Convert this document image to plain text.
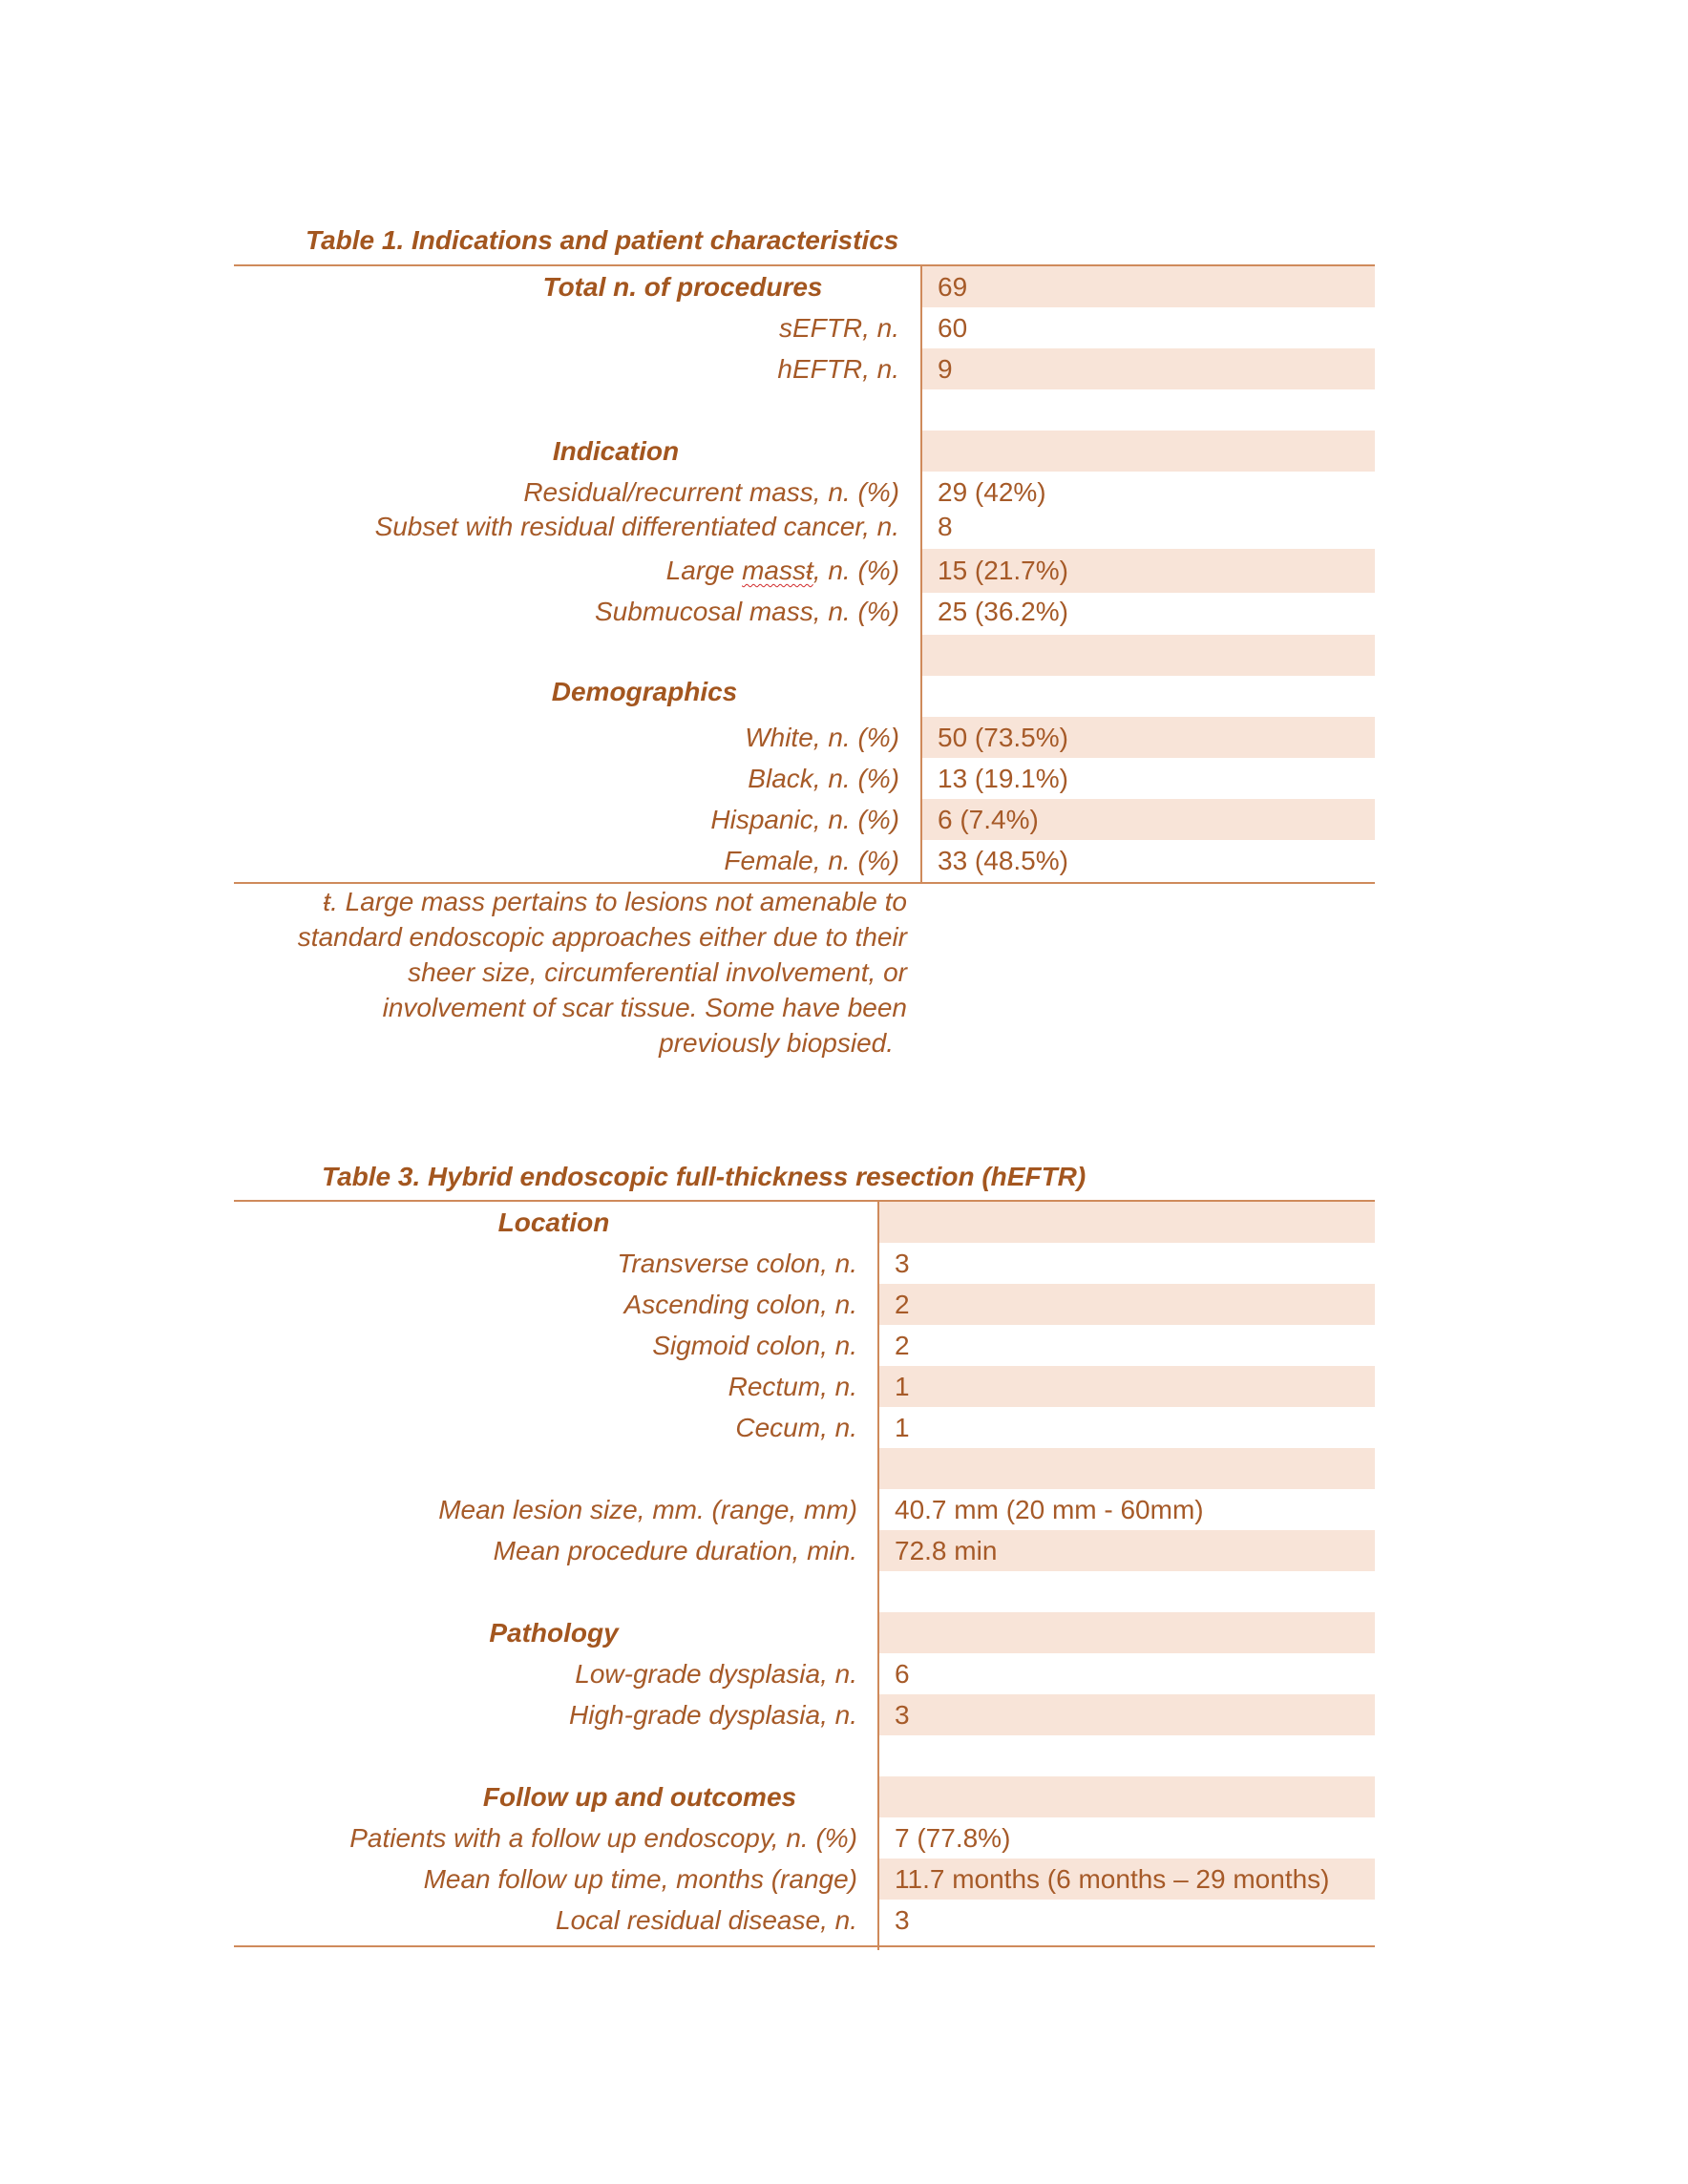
Table 1. Indications and patient characteristics
Total n. of procedures	69
sEFTR, n.	60
hEFTR, n.	9
Indication
Residual/recurrent mass, n. (%)	29 (42%)
Subset with residual differentiated cancer, n.	8
Large massŧ, n. (%)	15 (21.7%)
Submucosal mass, n. (%)	25 (36.2%)
Demographics
White, n. (%)	50 (73.5%)
Black, n. (%)	13 (19.1%)
Hispanic, n. (%)	6 (7.4%)
Female, n. (%)	33 (48.5%)
ŧ. Large mass pertains to lesions not amenable to
standard endoscopic approaches either due to their
sheer size, circumferential involvement, or
involvement of scar tissue. Some have been
previously biopsied.
Table 3. Hybrid endoscopic full-thickness resection (hEFTR)
Location
Transverse colon, n.	3
Ascending colon, n.	2
Sigmoid colon, n.	2
Rectum, n.	1
Cecum, n.	1
Mean lesion size, mm. (range, mm)	40.7 mm (20 mm - 60mm)
Mean procedure duration, min.	72.8 min
Pathology
Low-grade dysplasia, n.	6
High-grade dysplasia, n.	3
Follow up and outcomes
Patients with a follow up endoscopy, n. (%)	7 (77.8%)
Mean follow up time, months (range)	11.7 months (6 months – 29 months)
Local residual disease, n.	3
